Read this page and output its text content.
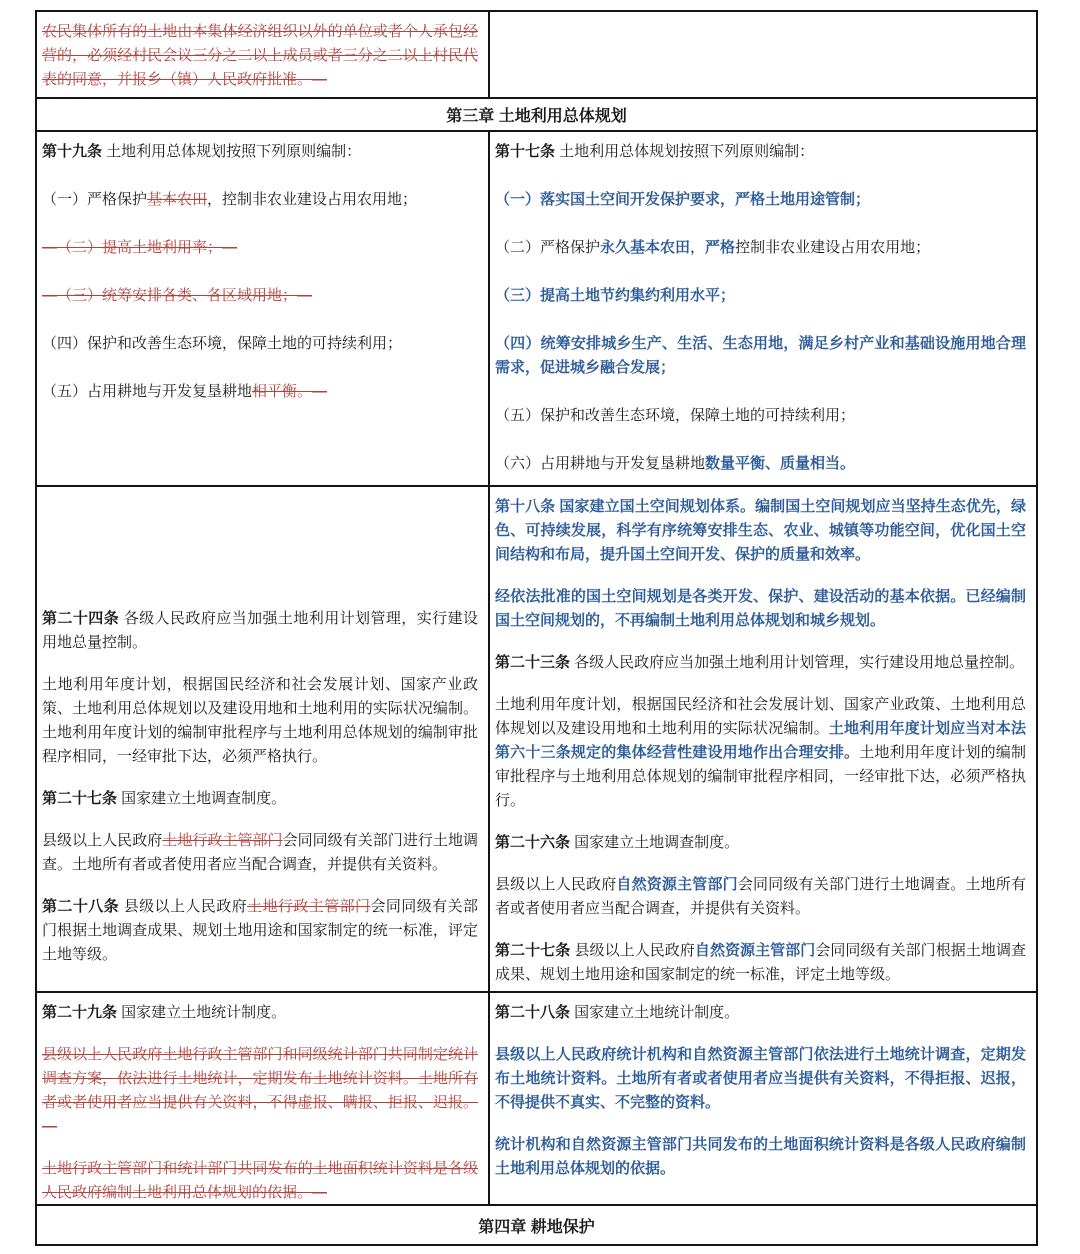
农民集体所有的土地由本集体经济组织以外的单位或者个人承包经营的，必须经村民会议三分之二以上成员或者三分之二以上村民代表的同意，并报乡（镇）人民政府批准。—

第三章 土地利用总体规划

第十九条 土地利用总体规划按照下列原则编制：

（一）严格保护基本农田，控制非农业建设占用农用地；

—（二）提高土地利用率；—

—（三）统筹安排各类、各区域用地；—

（四）保护和改善生态环境，保障土地的可持续利用；

（五）占用耕地与开发复垦耕地相平衡。—

第十七条 土地利用总体规划按照下列原则编制：

（一）落实国土空间开发保护要求，严格土地用途管制；

（二）严格保护永久基本农田，严格控制非农业建设占用农用地；

（三）提高土地节约集约利用水平；

（四）统筹安排城乡生产、生活、生态用地，满足乡村产业和基础设施用地合理需求，促进城乡融合发展；

（五）保护和改善生态环境，保障土地的可持续利用；

（六）占用耕地与开发复垦耕地数量平衡、质量相当。

第二十四条 各级人民政府应当加强土地利用计划管理，实行建设用地总量控制。

土地利用年度计划，根据国民经济和社会发展计划、国家产业政策、土地利用总体规划以及建设用地和土地利用的实际状况编制。土地利用年度计划的编制审批程序与土地利用总体规划的编制审批程序相同，一经审批下达，必须严格执行。

第二十七条 国家建立土地调查制度。

县级以上人民政府土地行政主管部门会同同级有关部门进行土地调查。土地所有者或者使用者应当配合调查，并提供有关资料。

第二十八条 县级以上人民政府土地行政主管部门会同同级有关部门根据土地调查成果、规划土地用途和国家制定的统一标准，评定土地等级。

第十八条 国家建立国土空间规划体系。编制国土空间规划应当坚持生态优先，绿色、可持续发展，科学有序统筹安排生态、农业、城镇等功能空间，优化国土空间结构和布局，提升国土空间开发、保护的质量和效率。

经依法批准的国土空间规划是各类开发、保护、建设活动的基本依据。已经编制国土空间规划的，不再编制土地利用总体规划和城乡规划。

第二十三条 各级人民政府应当加强土地利用计划管理，实行建设用地总量控制。

土地利用年度计划，根据国民经济和社会发展计划、国家产业政策、土地利用总体规划以及建设用地和土地利用的实际状况编制。土地利用年度计划应当对本法第六十三条规定的集体经营性建设用地作出合理安排。土地利用年度计划的编制审批程序与土地利用总体规划的编制审批程序相同，一经审批下达，必须严格执行。

第二十六条 国家建立土地调查制度。

县级以上人民政府自然资源主管部门会同同级有关部门进行土地调查。土地所有者或者使用者应当配合调查，并提供有关资料。

第二十七条 县级以上人民政府自然资源主管部门会同同级有关部门根据土地调查成果、规划土地用途和国家制定的统一标准，评定土地等级。

第二十九条 国家建立土地统计制度。

县级以上人民政府土地行政主管部门和同级统计部门共同制定统计调查方案，依法进行土地统计，定期发布土地统计资料。土地所有者或者使用者应当提供有关资料，不得虚报、瞒报、拒报、迟报。—

土地行政主管部门和统计部门共同发布的土地面积统计资料是各级人民政府编制土地利用总体规划的依据。—

第二十八条 国家建立土地统计制度。

县级以上人民政府统计机构和自然资源主管部门依法进行土地统计调查，定期发布土地统计资料。土地所有者或者使用者应当提供有关资料，不得拒报、迟报，不得提供不真实、不完整的资料。

统计机构和自然资源主管部门共同发布的土地面积统计资料是各级人民政府编制土地利用总体规划的依据。

第四章 耕地保护
